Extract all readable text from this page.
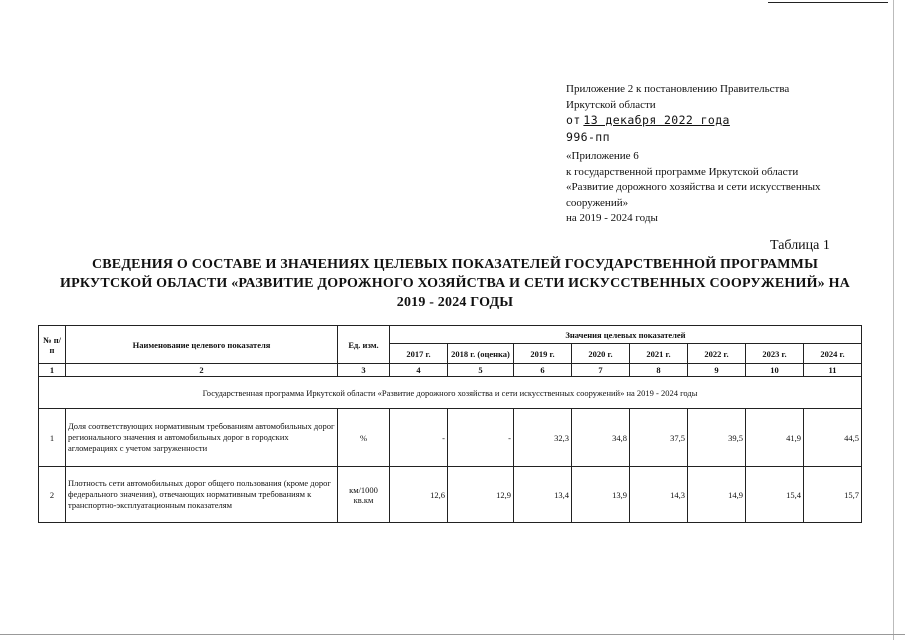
Приложение 2 к постановлению Правительства
Иркутской области
от 13 декабря 2022 года
996-пп
«Приложение 6
к государственной программе Иркутской области
«Развитие дорожного хозяйства и сети искусственных
сооружений»
на 2019 - 2024 годы
Таблица 1
СВЕДЕНИЯ О СОСТАВЕ И ЗНАЧЕНИЯХ ЦЕЛЕВЫХ ПОКАЗАТЕЛЕЙ ГОСУДАРСТВЕННОЙ ПРОГРАММЫ
ИРКУТСКОЙ ОБЛАСТИ «РАЗВИТИЕ ДОРОЖНОГО ХОЗЯЙСТВА И СЕТИ ИСКУССТВЕННЫХ СООРУЖЕНИЙ» НА
2019 - 2024 ГОДЫ
№ п/п	Наименование целевого показателя	Ед. изм.	Значения целевых показателей							
			2017 г.	2018 г. (оценка)	2019 г.	2020 г.	2021 г.	2022 г.	2023 г.	2024 г.
1	2	3	4	5	6	7	8	9	10	11
Государственная программа Иркутской области «Развитие дорожного хозяйства и сети искусственных сооружений» на 2019 - 2024 годы										
1	Доля соответствующих нормативным требованиям автомобильных дорог регионального значения и автомобильных дорог в городских агломерациях с учетом загруженности	%	-	-	32,3	34,8	37,5	39,5	41,9	44,5
2	Плотность сети автомобильных дорог общего пользования (кроме дорог федерального значения), отвечающих нормативным требованиям к транспортно-эксплуатационным показателям	км/1000 кв.км	12,6	12,9	13,4	13,9	14,3	14,9	15,4	15,7
